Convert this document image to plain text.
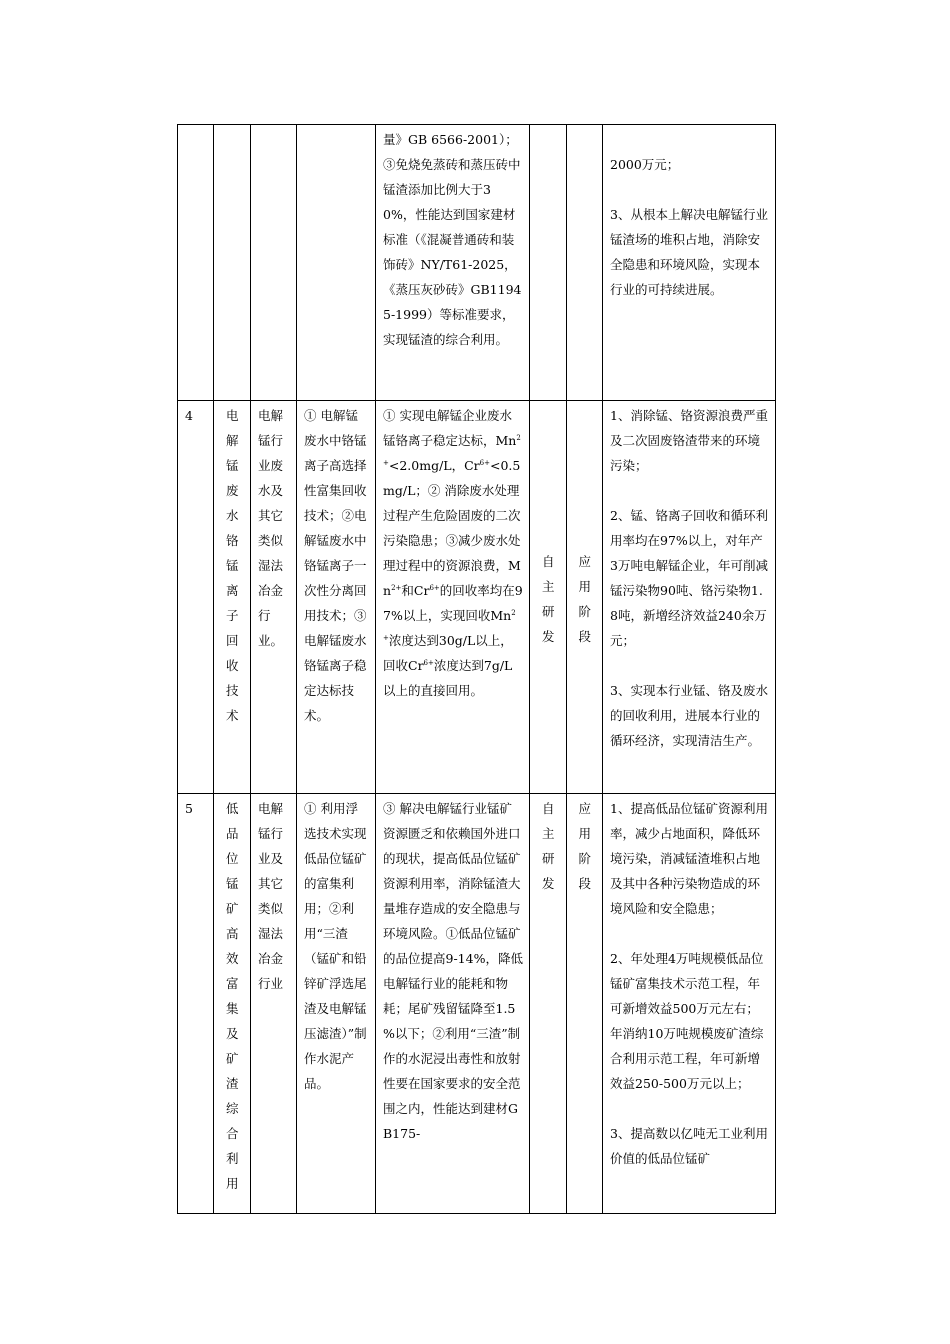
				量》GB 6566-2001）；③免烧免蒸砖和蒸压砖中锰渣添加比例大于30%，性能达到国家建材标准（《混凝普通砖和装饰砖》NY/T61-2025，《蒸压灰砂砖》GB11945-1999）等标准要求，实现锰渣的综合利用。			2000万元；

3、从根本上解决电解锰行业锰渣场的堆积占地，消除安全隐患和环境风险，实现本行业的可持续进展。

4	电解锰废水铬锰离子回收技术	电解锰行业废水及其它类似湿法冶金行业。	① 电解锰废水中铬锰离子高选择性富集回收技术；②电解锰废水中铬锰离子一次性分离回用技术；③电解锰废水铬锰离子稳定达标技术。	① 实现电解锰企业废水锰铬离子稳定达标，$Mn^{2+}<2.0mg/L$，$Cr^{6+}<0.5$ mg/L；② 消除废水处理过程产生危险固废的二次污染隐患；③减少废水处理过程中的资源浪费，$Mn^{2+}$和$Cr^{6+}$的回收率均在97%以上，实现回收$Mn^{2+}$浓度达到30g/L以上，回收$Cr^{6+}$浓度达到7g/L以上的直接回用。	自主研发	应用阶段	1、消除锰、铬资源浪费严重及二次固废铬渣带来的环境污染；

2、锰、铬离子回收和循环利用率均在97%以上，对年产3万吨电解锰企业，年可削减锰污染物90吨、铬污染物1.8吨，新增经济效益240余万元；

3、实现本行业锰、铬及废水的回收利用，进展本行业的循环经济，实现清洁生产。

5	低品位锰矿高效富集及矿渣综合利用	电解锰行业及其它类似湿法冶金行业	① 利用浮选技术实现低品位锰矿的富集利用；②利用“三渣（锰矿和铅锌矿浮选尾渣及电解锰压滤渣）”制作水泥产品。	③ 解决电解锰行业锰矿资源匮乏和依赖国外进口的现状，提高低品位锰矿资源利用率，消除锰渣大量堆存造成的安全隐患与环境风险。①低品位锰矿的品位提高9-14%，降低电解锰行业的能耗和物耗；尾矿残留锰降至1.5 %以下；②利用“三渣”制作的水泥浸出毒性和放射性要在国家要求的安全范围之内，性能达到建材GB175-	自主研发	应用阶段	1、提高低品位锰矿资源利用率，减少占地面积，降低环境污染，消减锰渣堆积占地及其中各种污染物造成的环境风险和安全隐患；

2、年处理4万吨规模低品位锰矿富集技术示范工程，年可新增效益500万元左右；年消纳10万吨规模废矿渣综合利用示范工程，年可新增效益250-500万元以上；

3、提高数以亿吨无工业利用价值的低品位锰矿
